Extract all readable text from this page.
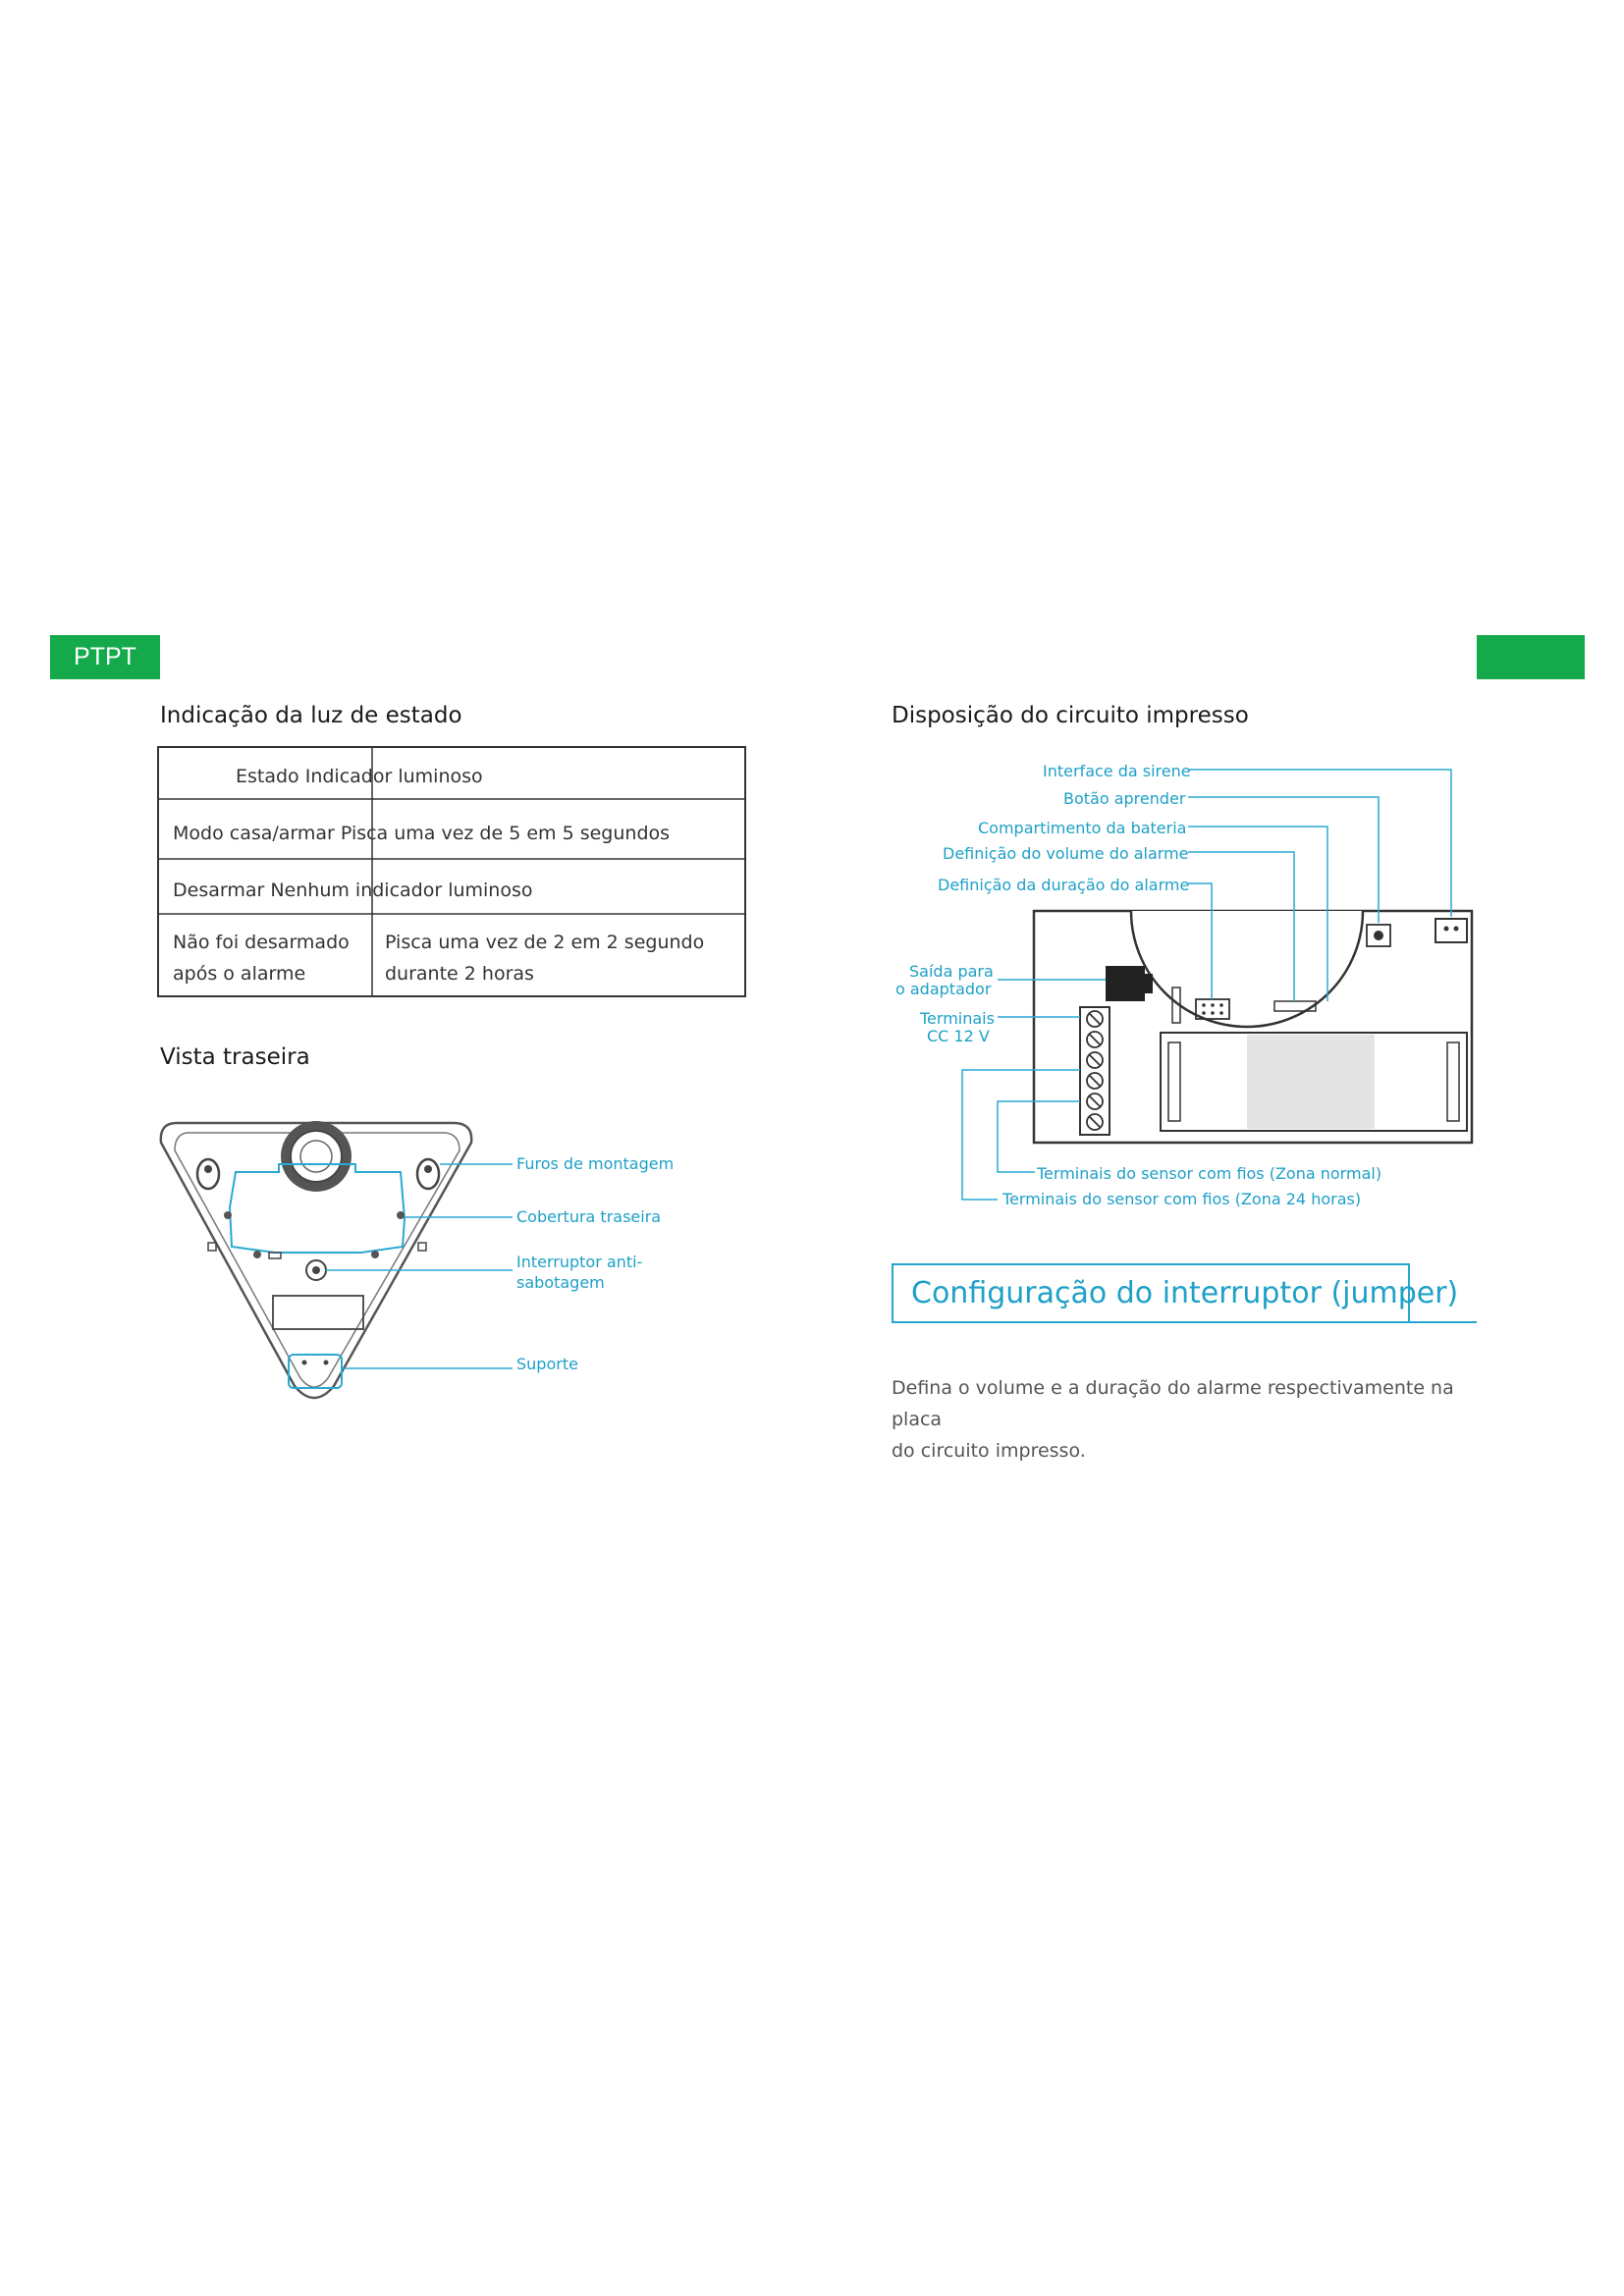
PTPT
Indicação da luz de estado
Estado Indicador luminoso
Modo casa/armar Pisca uma vez de 5 em 5 segundos
Desarmar Nenhum indicador luminoso
Não foi desarmado
após o alarme
Pisca uma vez de 2 em 2 segundo
durante 2 horas
Vista traseira
Furos de montagem
Cobertura traseira
Interruptor anti-
sabotagem
Suporte
Disposição do circuito impresso
Interface da sirene
Botão aprender
Compartimento da bateria
Definição do volume do alarme
Definição da duração do alarme
Saída para
o adaptador
Terminais
CC 12 V
Terminais do sensor com fios (Zona normal)
Terminais do sensor com fios (Zona 24 horas)
Configuração do interruptor (jumper)
Defina o volume e a duração do alarme respectivamente na placa
do circuito impresso.
